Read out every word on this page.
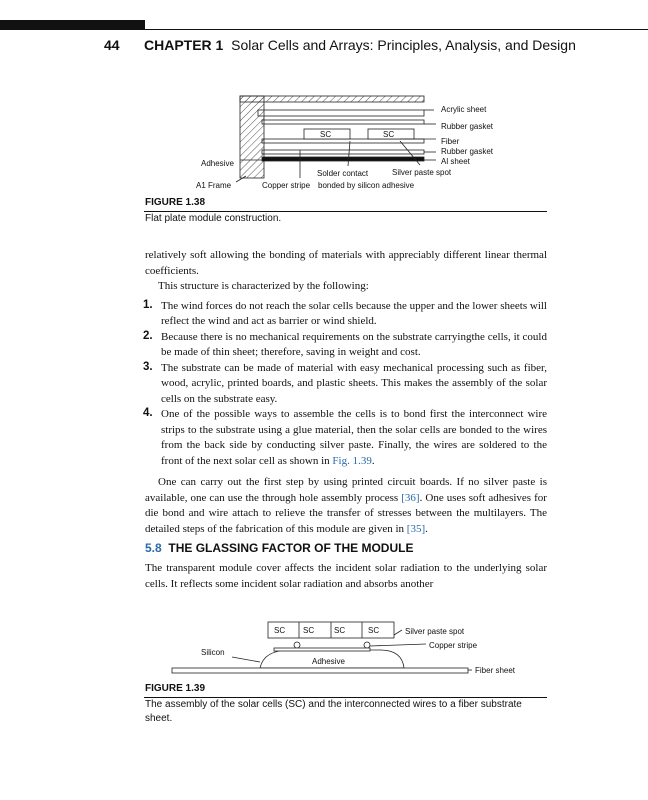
44 CHAPTER 1 Solar Cells and Arrays: Principles, Analysis, and Design
Acrylic sheet
Rubber gasket
Fiber
Rubber gasket
Al sheet
Silver paste spot
Solder contact
Adhesive
A1 Frame	Copper stripe bonded by silicon adhesive
SC	SC
FIGURE 1.38
Flat plate module construction.

relatively soft allowing the bonding of materials with appreciably different linear thermal coefficients.

This structure is characterized by the following:

1. The wind forces do not reach the solar cells because the upper and the lower sheets will reflect the wind and act as barrier or wind shield.
2. Because there is no mechanical requirements on the substrate carryingthe cells, it could be made of thin sheet; therefore, saving in weight and cost.
3. The substrate can be made of material with easy mechanical processing such as fiber, wood, acrylic, printed boards, and plastic sheets. This makes the assembly of the solar cells on the substrate easy.
4. One of the possible ways to assemble the cells is to bond first the interconnect wire strips to the substrate using a glue material, then the solar cells are bonded to the wires from the back side by conducting silver paste. Finally, the wires are soldered to the front of the next solar cell as shown in Fig. 1.39.

One can carry out the first step by using printed circuit boards. If no silver paste is available, one can use the through hole assembly process [36]. One uses soft adhesives for die bond and wire attach to relieve the transfer of stresses between the multilayers. The detailed steps of the fabrication of this module are given in [35].

5.8 THE GLASSING FACTOR OF THE MODULE
The transparent module cover affects the incident solar radiation to the underlying solar cells. It reflects some incident solar radiation and absorbs another
SC SC SC	SC	Silver paste spot
Copper stripe
Silicon
Adhesive
Fiber sheet
FIGURE 1.39
The assembly of the solar cells (SC) and the interconnected wires to a fiber substrate sheet.
